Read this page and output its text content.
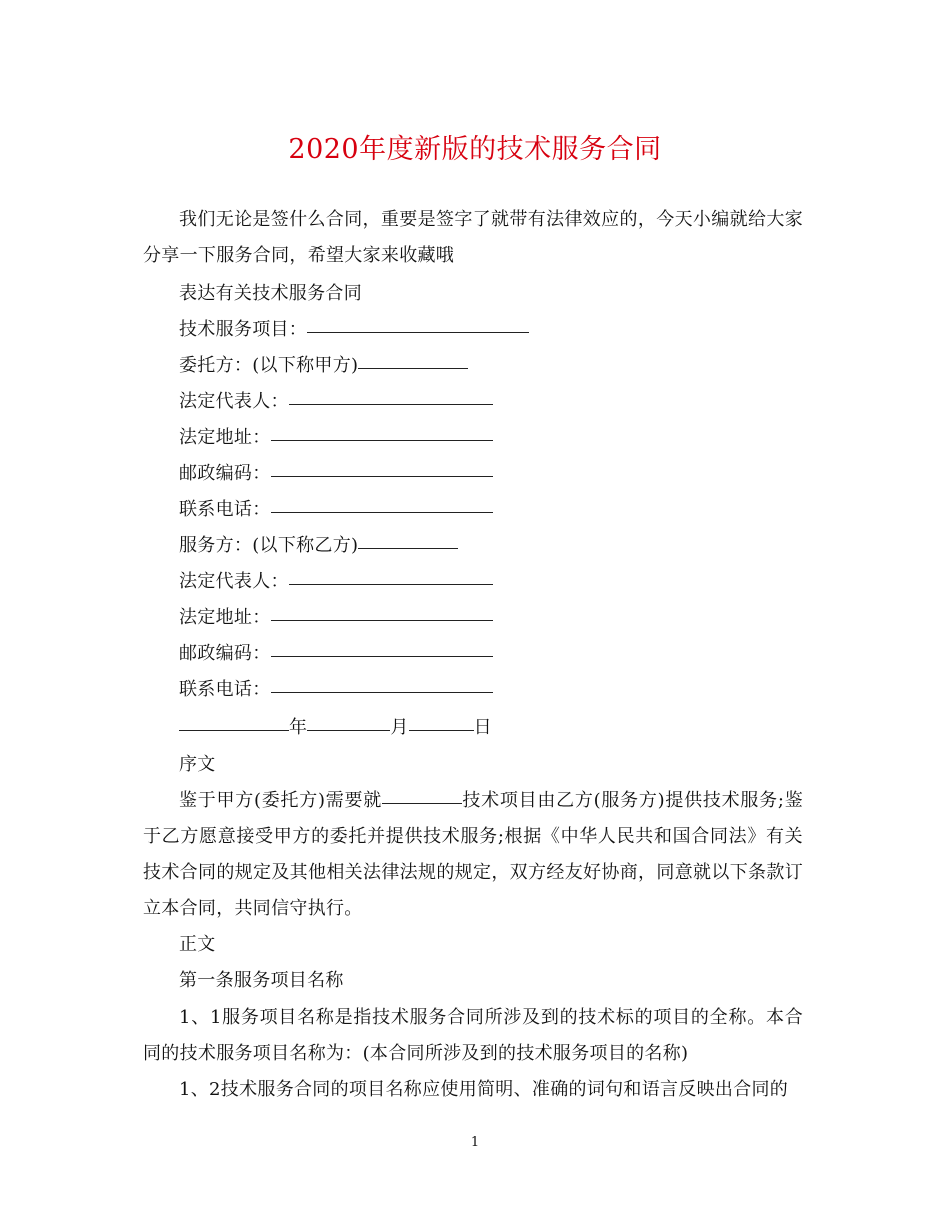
2020年度新版的技术服务合同
我们无论是签什么合同，重要是签字了就带有法律效应的，今天小编就给大家分享一下服务合同，希望大家来收藏哦
表达有关技术服务合同
技术服务项目：
委托方：(以下称甲方)
法定代表人：
法定地址：
邮政编码：
联系电话：
服务方：(以下称乙方)
法定代表人：
法定地址：
邮政编码：
联系电话：
年	月	日
序文
鉴于甲方(委托方)需要就	技术项目由乙方(服务方)提供技术服务;鉴于乙方愿意接受甲方的委托并提供技术服务;根据《中华人民共和国合同法》有关技术合同的规定及其他相关法律法规的规定，双方经友好协商，同意就以下条款订立本合同，共同信守执行。
正文
第一条服务项目名称
1、1服务项目名称是指技术服务合同所涉及到的技术标的项目的全称。本合同的技术服务项目名称为：(本合同所涉及到的技术服务项目的名称)
1、2技术服务合同的项目名称应使用简明、准确的词句和语言反映出合同的
1
